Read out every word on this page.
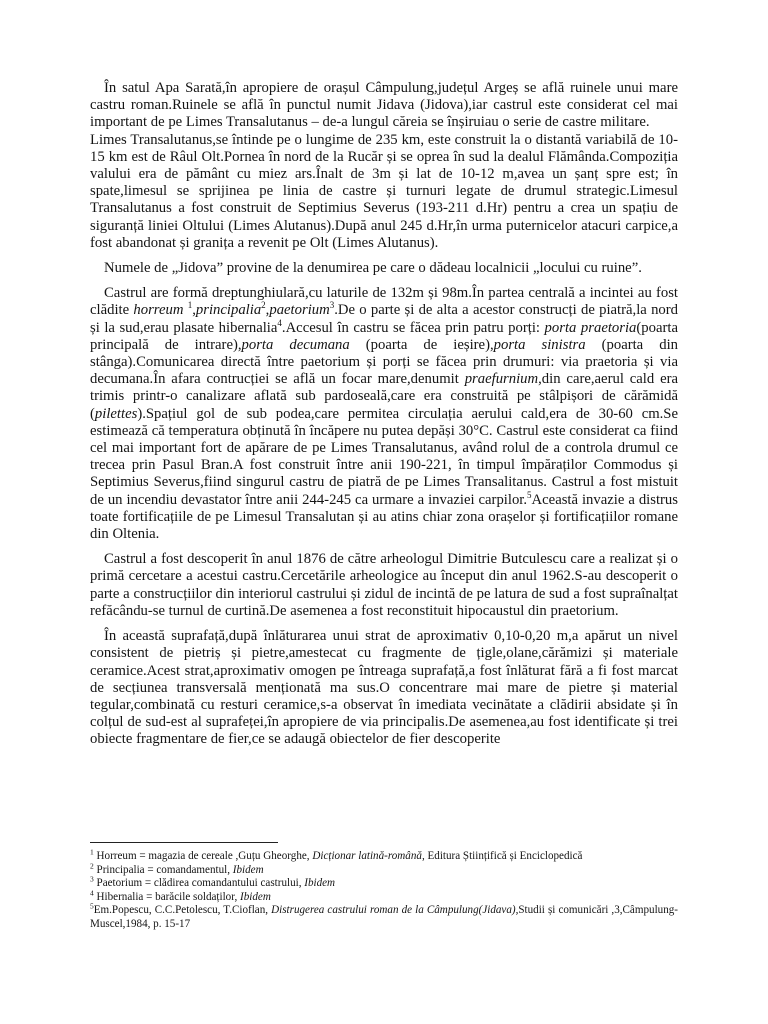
În satul Apa Sarată,în apropiere de orașul Câmpulung,județul Argeș se află ruinele unui mare castru roman.Ruinele se află în punctul numit Jidava (Jidova),iar castrul este considerat cel mai important de pe Limes Transalutanus – de-a lungul căreia se înșiruiau o serie de castre militare.

Limes Transalutanus,se întinde pe o lungime de 235 km, este construit la o distantă variabilă de 10-15 km est de Râul Olt.Pornea în nord de la Rucăr și se oprea în sud la dealul Flămânda.Compoziția valului era de pământ cu miez ars.Înalt de 3m și lat de 10-12 m,avea un șanț spre est; în spate,limesul se sprijinea pe linia de castre și turnuri legate de drumul strategic.Limesul Transalutanus a fost construit de Septimius Severus (193-211 d.Hr) pentru a crea un spațiu de siguranță liniei Oltului (Limes Alutanus).După anul 245 d.Hr,în urma puternicelor atacuri carpice,a fost abandonat și granița a revenit pe Olt (Limes Alutanus).

Numele de „Jidova” provine de la denumirea pe care o dădeau localnicii „locului cu ruine”.

Castrul are formă dreptunghiulară,cu laturile de 132m și 98m.În partea centrală a incintei au fost clădite horreum $^1$,principalia$^2$,paetorium$^3$.De o parte și de alta a acestor construcți de piatră,la nord și la sud,erau plasate hibernalia$^4$.Accesul în castru se făcea prin patru porți: porta praetoria(poarta principală de intrare),porta decumana (poarta de ieșire),porta sinistra (poarta din stânga).Comunicarea directă între paetorium și porți se făcea prin drumuri: via praetoria și via decumana.În afara contrucției se află un focar mare,denumit praefurnium,din care,aerul cald era trimis printr-o canalizare aflată sub pardoseală,care era construită pe stâlpișori de cărămidă (pilettes).Spațiul gol de sub podea,care permitea circulația aerului cald,era de 30-60 cm.Se estimează că temperatura obținută în încăpere nu putea depăși 30°C. Castrul este considerat ca fiind cel mai important fort de apărare de pe Limes Transalutanus, având rolul de a controla drumul ce trecea prin Pasul Bran.A fost construit între anii 190-221, în timpul împăraților Commodus și Septimius Severus,fiind singurul castru de piatră de pe Limes Transalitanus. Castrul a fost mistuit de un incendiu devastator între anii 244-245 ca urmare a invaziei carpilor.$^5$Această invazie a distrus toate fortificațiile de pe Limesul Transalutan și au atins chiar zona orașelor și fortificațiilor romane din Oltenia.

Castrul a fost descoperit în anul 1876 de către arheologul Dimitrie Butculescu care a realizat și o primă cercetare a acestui castru.Cercetările arheologice au început din anul 1962.S-au descoperit o parte a construcțiilor din interiorul castrului și zidul de incintă de pe latura de sud a fost supraînalțat refăcându-se turnul de curtină.De asemenea a fost reconstituit hipocaustul din praetorium.

În această suprafață,după înlăturarea unui strat de aproximativ 0,10-0,20 m,a apărut un nivel consistent de pietriș și pietre,amestecat cu fragmente de țigle,olane,cărămizi și materiale ceramice.Acest strat,aproximativ omogen pe întreaga suprafață,a fost înlăturat fără a fi fost marcat de secțiunea transversală menționată ma sus.O concentrare mai mare de pietre și material tegular,combinată cu resturi ceramice,s-a observat în imediata vecinătate a clădirii absidate și în colțul de sud-est al suprafeței,în apropiere de via principalis.De asemenea,au fost identificate și trei obiecte fragmentare de fier,ce se adaugă obiectelor de fier descoperite

$^1$ Horreum = magazia de cereale ,Guțu Gheorghe, Dicționar latină-română, Editura Științifică și Enciclopedică

$^2$ Principalia = comandamentul, Ibidem

$^3$ Paetorium = clădirea comandantului castrului, Ibidem

$^4$ Hibernalia = barăcile soldaților, Ibidem

$^5$Em.Popescu, C.C.Petolescu, T.Cioflan, Distrugerea castrului roman de la Câmpulung(Jidava),Studii și comunicări ,3,Câmpulung-Muscel,1984, p. 15-17
